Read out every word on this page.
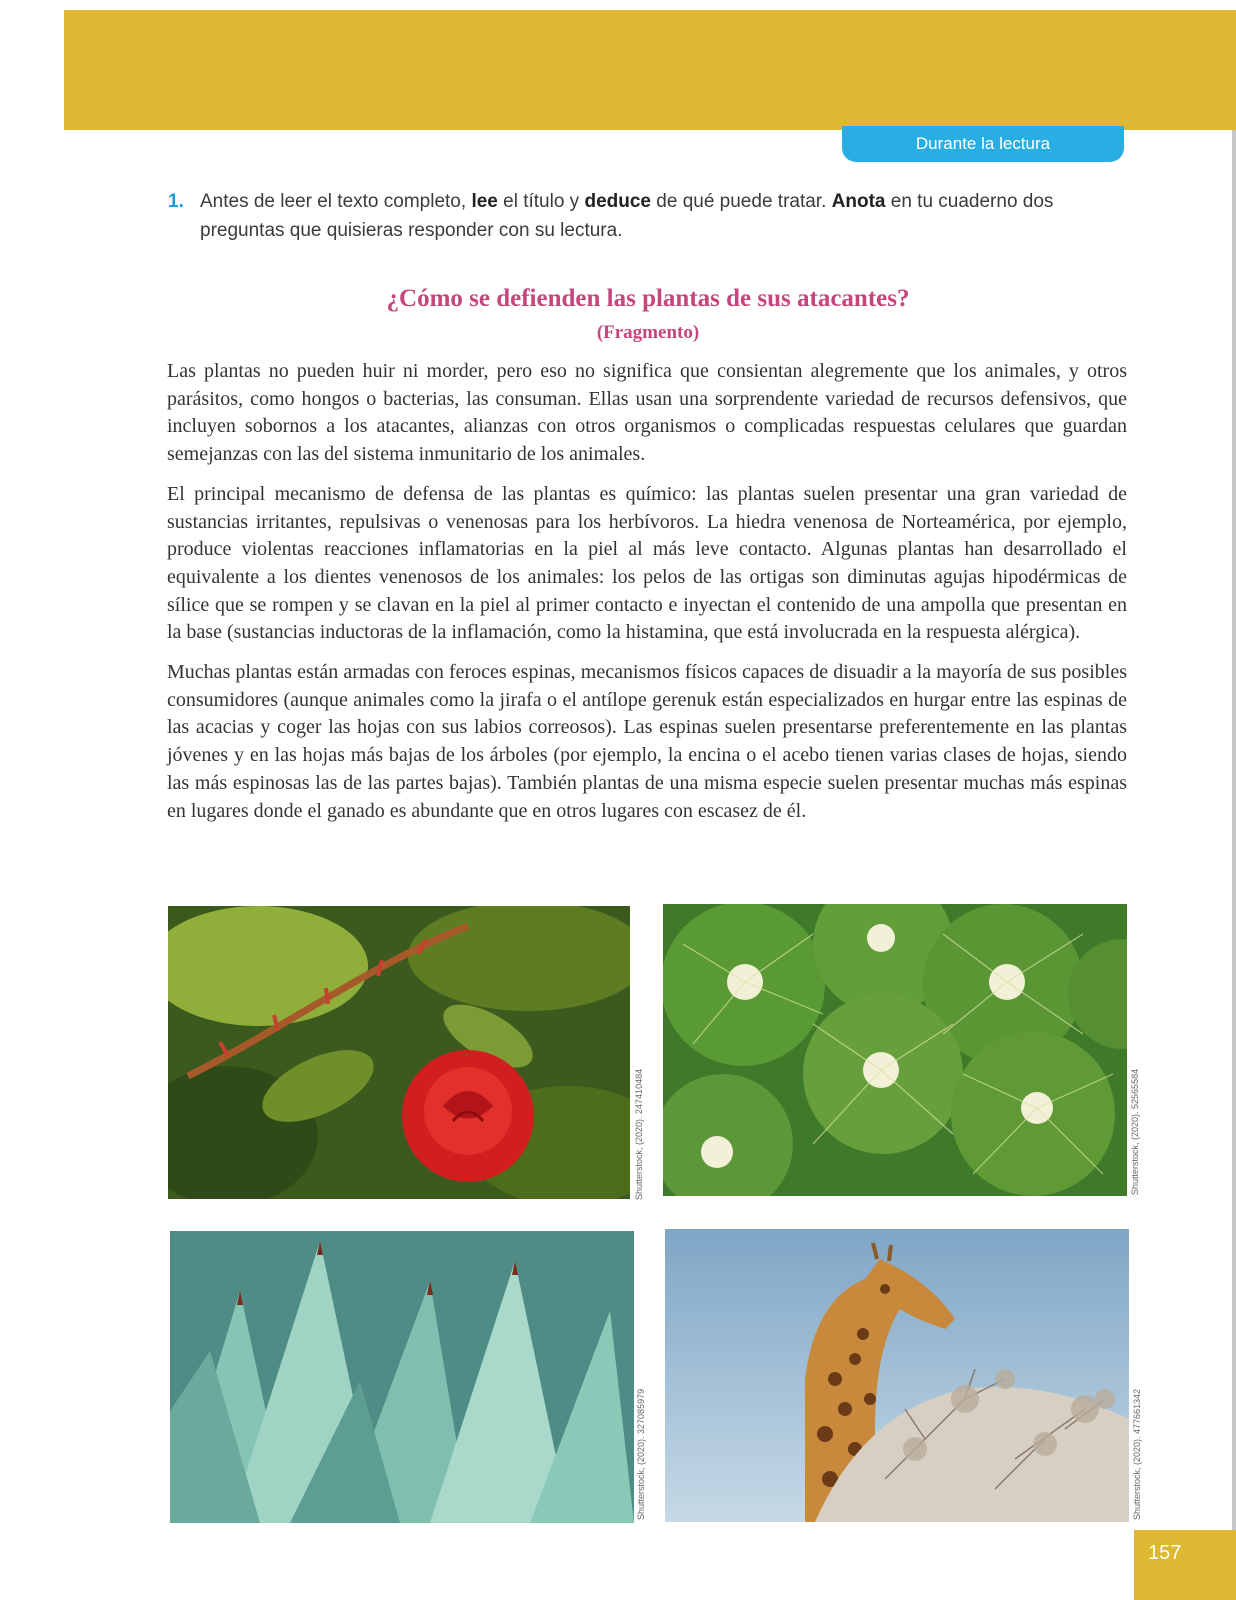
Durante la lectura
1. Antes de leer el texto completo, lee el título y deduce de qué puede tratar. Anota en tu cuaderno dos preguntas que quisieras responder con su lectura.
¿Cómo se defienden las plantas de sus atacantes?
(Fragmento)

Las plantas no pueden huir ni morder, pero eso no significa que consientan alegremente que los animales, y otros parásitos, como hongos o bacterias, las consuman. Ellas usan una sorprendente variedad de recursos defensivos, que incluyen sobornos a los atacantes, alianzas con otros organismos o complicadas respuestas celulares que guardan semejanzas con las del sistema inmunitario de los animales.

El principal mecanismo de defensa de las plantas es químico: las plantas suelen presentar una gran variedad de sustancias irritantes, repulsivas o venenosas para los herbívoros. La hiedra venenosa de Norteamérica, por ejemplo, produce violentas reacciones inflamatorias en la piel al más leve contacto. Algunas plantas han desarrollado el equivalente a los dientes venenosos de los animales: los pelos de las ortigas son diminutas agujas hipodérmicas de sílice que se rompen y se clavan en la piel al primer contacto e inyectan el contenido de una ampolla que presentan en la base (sustancias inductoras de la inflamación, como la histamina, que está involucrada en la respuesta alérgica).

Muchas plantas están armadas con feroces espinas, mecanismos físicos capaces de disuadir a la mayoría de sus posibles consumidores (aunque animales como la jirafa o el antílope gerenuk están especializados en hurgar entre las espinas de las acacias y coger las hojas con sus labios correosos). Las espinas suelen presentarse preferentemente en las plantas jóvenes y en las hojas más bajas de los árboles (por ejemplo, la encina o el acebo tienen varias clases de hojas, siendo las más espinosas las de las partes bajas). También plantas de una misma especie suelen presentar muchas más espinas en lugares donde el ganado es abundante que en otros lugares con escasez de él.

Shutterstock, (2020). 247410484	Shutterstock, (2020). 52565584
Shutterstock, (2020). 327085979	Shutterstock, (2020). 477661342
157
